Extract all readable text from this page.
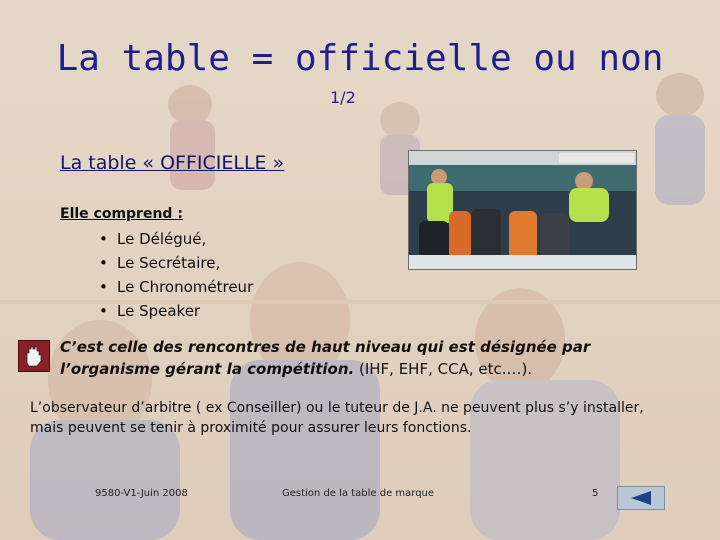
La table = officielle ou non
1/2
La table « OFFICIELLE »
Elle comprend :
• Le Délégué,
• Le Secrétaire,
• Le Chronométreur
• Le Speaker
C’est celle des rencontres de haut niveau qui est désignée par l’organisme gérant la compétition. (IHF, EHF, CCA, etc.…).
L’observateur d’arbitre ( ex Conseiller) ou le tuteur de J.A. ne peuvent plus s’y installer, mais peuvent se tenir à proximité pour assurer leurs fonctions.
9580-V1-Juin 2008	Gestion de la table de marque	5
